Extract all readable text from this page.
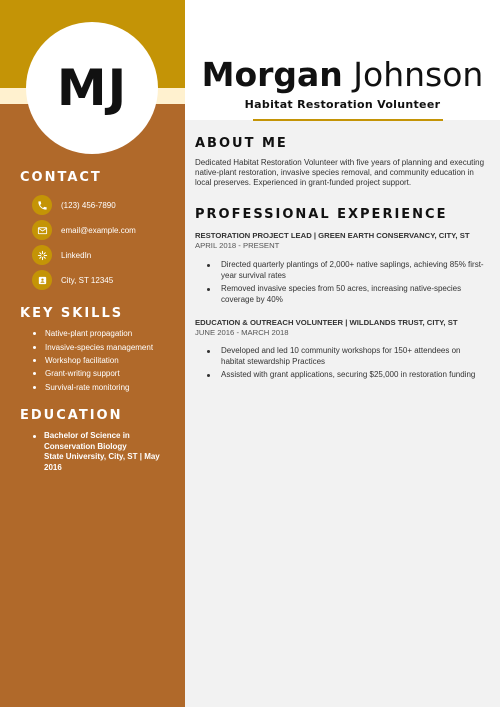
MJ	Morgan Johnson
Habitat Restoration Volunteer
CONTACT
(123) 456-7890
email@example.com
LinkedIn
City, ST 12345
KEY SKILLS
Native-plant propagation
Invasive-species management
Workshop facilitation
Grant-writing support
Survival-rate monitoring
EDUCATION
Bachelor of Science in Conservation Biology
State University, City, ST | May 2016
ABOUT ME
Dedicated Habitat Restoration Volunteer with five years of planning and executing native-plant restoration, invasive species removal, and community education in local preserves. Experienced in grant-funded project support.
PROFESSIONAL EXPERIENCE
RESTORATION PROJECT LEAD | GREEN EARTH CONSERVANCY, CITY, ST
APRIL 2018 - PRESENT
Directed quarterly plantings of 2,000+ native saplings, achieving 85% first-year survival rates
Removed invasive species from 50 acres, increasing native-species coverage by 40%
EDUCATION & OUTREACH VOLUNTEER | WILDLANDS TRUST, CITY, ST
JUNE 2016 - MARCH 2018
Developed and led 10 community workshops for 150+ attendees on habitat stewardship Practices
Assisted with grant applications, securing $25,000 in restoration funding
